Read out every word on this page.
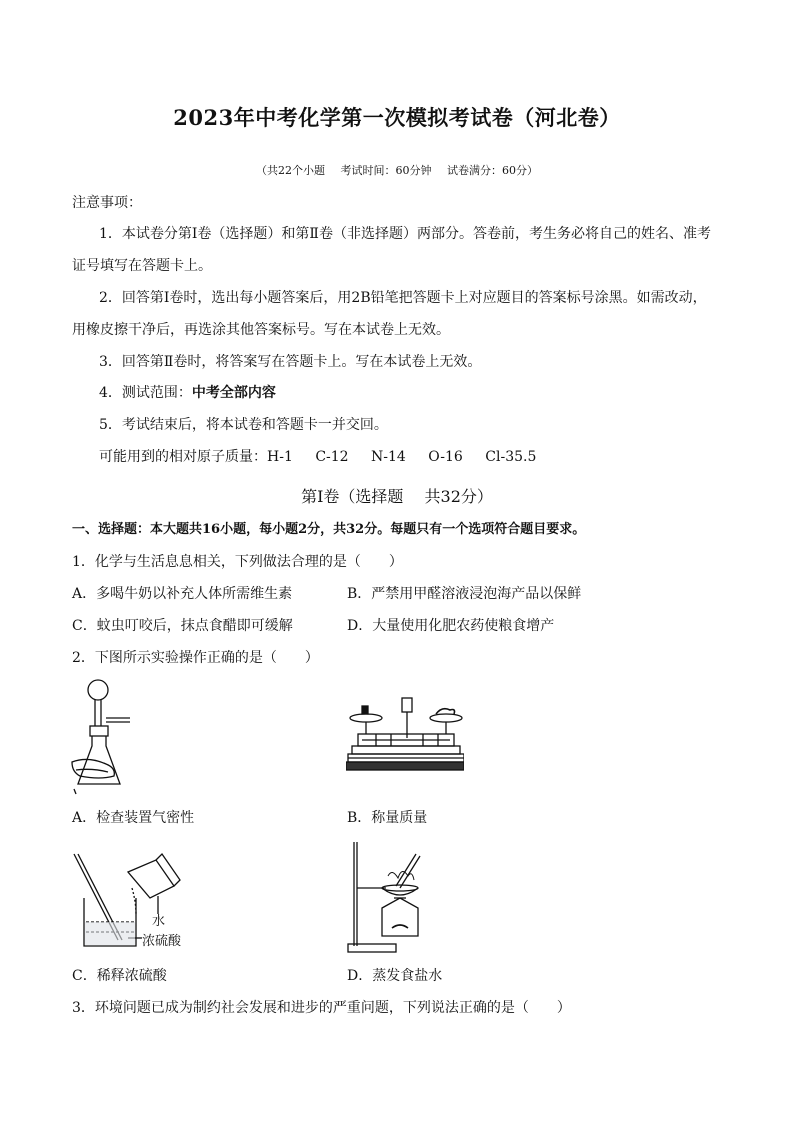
2023年中考化学第一次模拟考试卷（河北卷）
（共22个小题 考试时间：60分钟 试卷满分：60分）
注意事项：
1．本试卷分第Ⅰ卷（选择题）和第Ⅱ卷（非选择题）两部分。答卷前，考生务必将自己的姓名、准考
证号填写在答题卡上。
2．回答第Ⅰ卷时，选出每小题答案后，用2B铅笔把答题卡上对应题目的答案标号涂黑。如需改动，
用橡皮擦干净后，再选涂其他答案标号。写在本试卷上无效。
3．回答第Ⅱ卷时，将答案写在答题卡上。写在本试卷上无效。
4．测试范围：中考全部内容
5．考试结束后，将本试卷和答题卡一并交回。
可能用到的相对原子质量：H-1 C-12 N-14 O-16 Cl-35.5
第Ⅰ卷（选择题　 共32分）
一、选择题：本大题共16小题，每小题2分，共32分。每题只有一个选项符合题目要求。
1．化学与生活息息相关，下列做法合理的是（　　）
A．多喝牛奶以补充人体所需维生素	B．严禁用甲醛溶液浸泡海产品以保鲜
C．蚊虫叮咬后，抹点食醋即可缓解	D．大量使用化肥农药使粮食增产
2．下图所示实验操作正确的是（　　）
A．检查装置气密性	B．称量质量
水
浓硫酸
C．稀释浓硫酸	D．蒸发食盐水
3．环境问题已成为制约社会发展和进步的严重问题，下列说法正确的是（　　）
